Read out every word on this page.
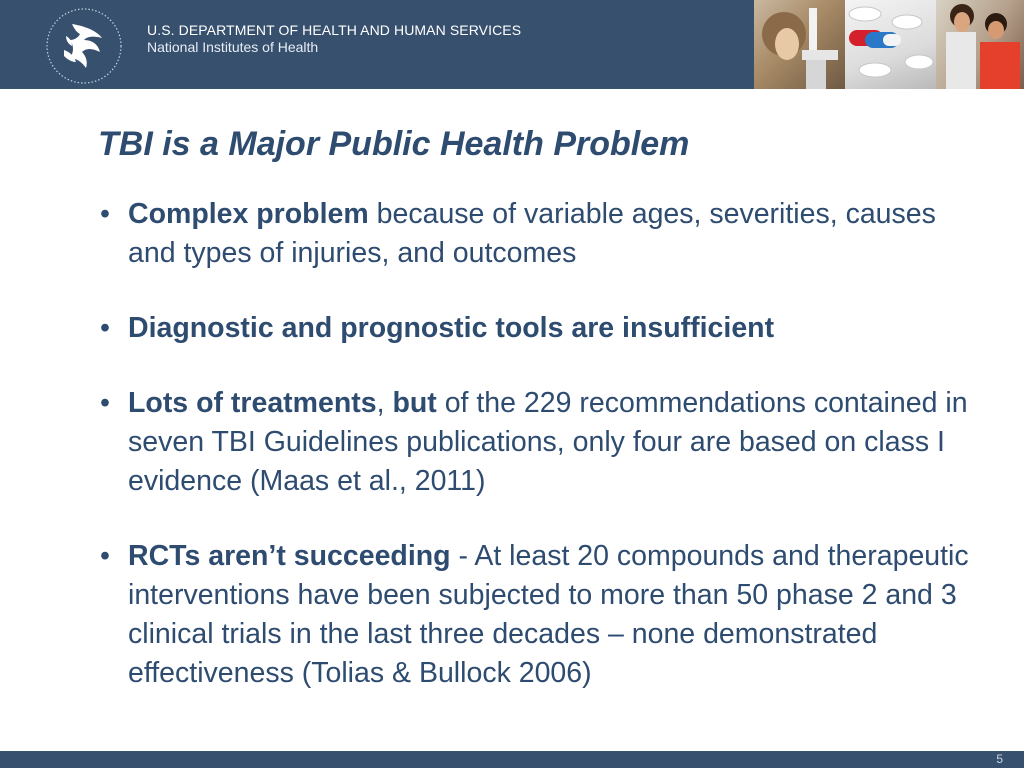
U.S. DEPARTMENT OF HEALTH AND HUMAN SERVICES
National Institutes of Health
TBI is a Major Public Health Problem
• Complex problem because of variable ages, severities, causes and types of injuries, and outcomes
• Diagnostic and prognostic tools are insufficient
• Lots of treatments, but of the 229 recommendations contained in seven TBI Guidelines publications, only four are based on class I evidence (Maas et al., 2011)
• RCTs aren’t succeeding - At least 20 compounds and therapeutic interventions have been subjected to more than 50 phase 2 and 3 clinical trials in the last three decades – none demonstrated effectiveness (Tolias & Bullock 2006)
5
